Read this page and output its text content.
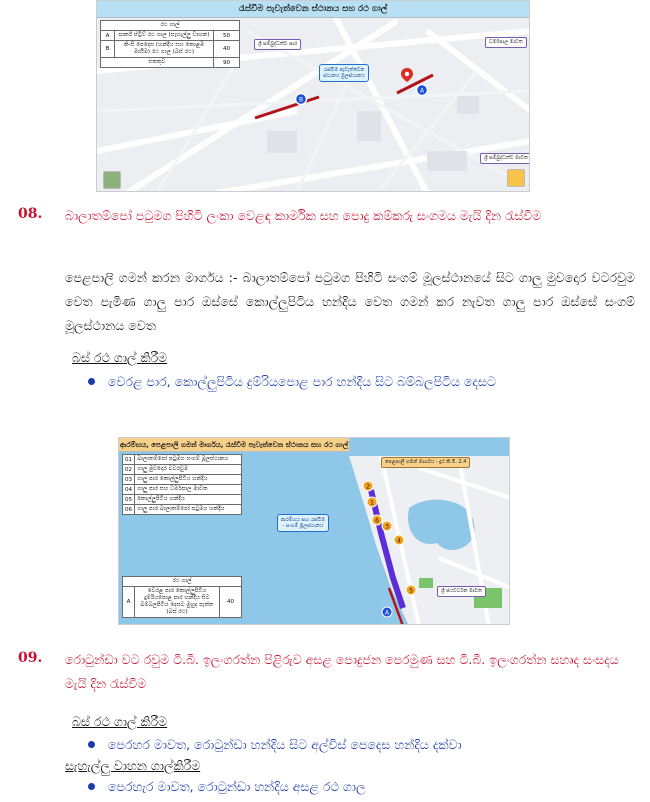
රැස්වීම පැවැත්වෙන ස්ථානය සහ රථ ගාල්
රථ ගාල්		
A	පාර්ක් ස්ට්‍රීට් රථ ගාල (සැහැල්ලු වාහන)	50
B	කි-සි පෙදෙස (හන්දිය සහ කොළඹ මායිම) රථ ගාල (බස් රථ)	40
එකතුව		90
ශ්‍රී සම්බුද්ධත්ව පාර	ධර්මපාල මාවත
ශ්‍රී සම්බුද්ධත්ව මාවත
රැස්වීම පැවැත්වෙන ස්ථානය මුලස්ථානය
A
B
08. බාලාතම්පෝ පටුමග පිහිටි ලංකා වෙළඳ කාර්මික සහ පොදු කම්කරු සංගමය මැයි දින රැස්වීම
පෙළපාලි ගමන් කරන මාර්ගය :- බාලාතම්පෝ පටුමග පිහිටි සංගම් මූලස්ථානයේ සිට ගාලු මුවදොර වටරවුම වෙත පැමිණ ගාලු පාර ඔස්සේ කොල්ලුපිටිය හන්දිය වෙත ගමන් කර නැවත ගාලු පාර ඔස්සේ සංගම් මූලස්ථානය වෙත
බස් රථ ගාල් කිරීම
වෙරළ පාර, කොල්ලුපිටිය දුම්රියපොළ පාර හන්දිය සිට බම්බලපිටිය දෙසට
ආරම්භය, පෙළපාලි ගමන් මාර්ගය, රැස්වීම පැවැත්වෙන ස්ථානය සහ රථ ගාල්
01	බාලාතම්පෝ පටුමග සංගම් මූලස්ථානය
02	ගාලු මුවදොර වටරවුම
03	ගාලු පාර කොල්ලුපිටිය හන්දිය
04	ගාලු පාර සහ ධර්මපාල මාවත
05	කොල්ලුපිටිය හන්දිය
06	ගාලු පාර බාලාතම්පෝ පටුමග හන්දිය
රථ ගාල්
A	වෙරළ පාර කොල්ලුපිටිය දුම්රියපොළ පාර හන්දිය සිට බම්බලපිටිය දෙසට මුහුද පැත්ත (බස් රථ)	40
පෙළපාලි ගමන් මාර්ගය - දුර කි.මී. 2.4
ආරම්භය සහ රැස්වීම - සංගම් මූලස්ථානය
ශ්‍රී ජයවර්ධන මාවත
1
2
3
4
5
6
A
09. රොටුන්ඩා වට රවුම ටී.බී. ඉලංගරත්න පිළිරුව අසළ පොදුජන පෙරමුණ සහ ටී.බී. ඉලංගරත්න සහෘද සංසදය මැයි දින රැස්වීම
බස් රථ ගාල් කිරීම
පෙරහර මාවත, රොටුන්ඩා හන්දිය සිට අල්විස් පෙදෙස හන්දිය දක්වා
සැහැල්ලු වාහන ගාල්කිරීම
පෙරහැර මාවත, රොටුන්ඩා හන්දිය අසළ රථ ගාල
